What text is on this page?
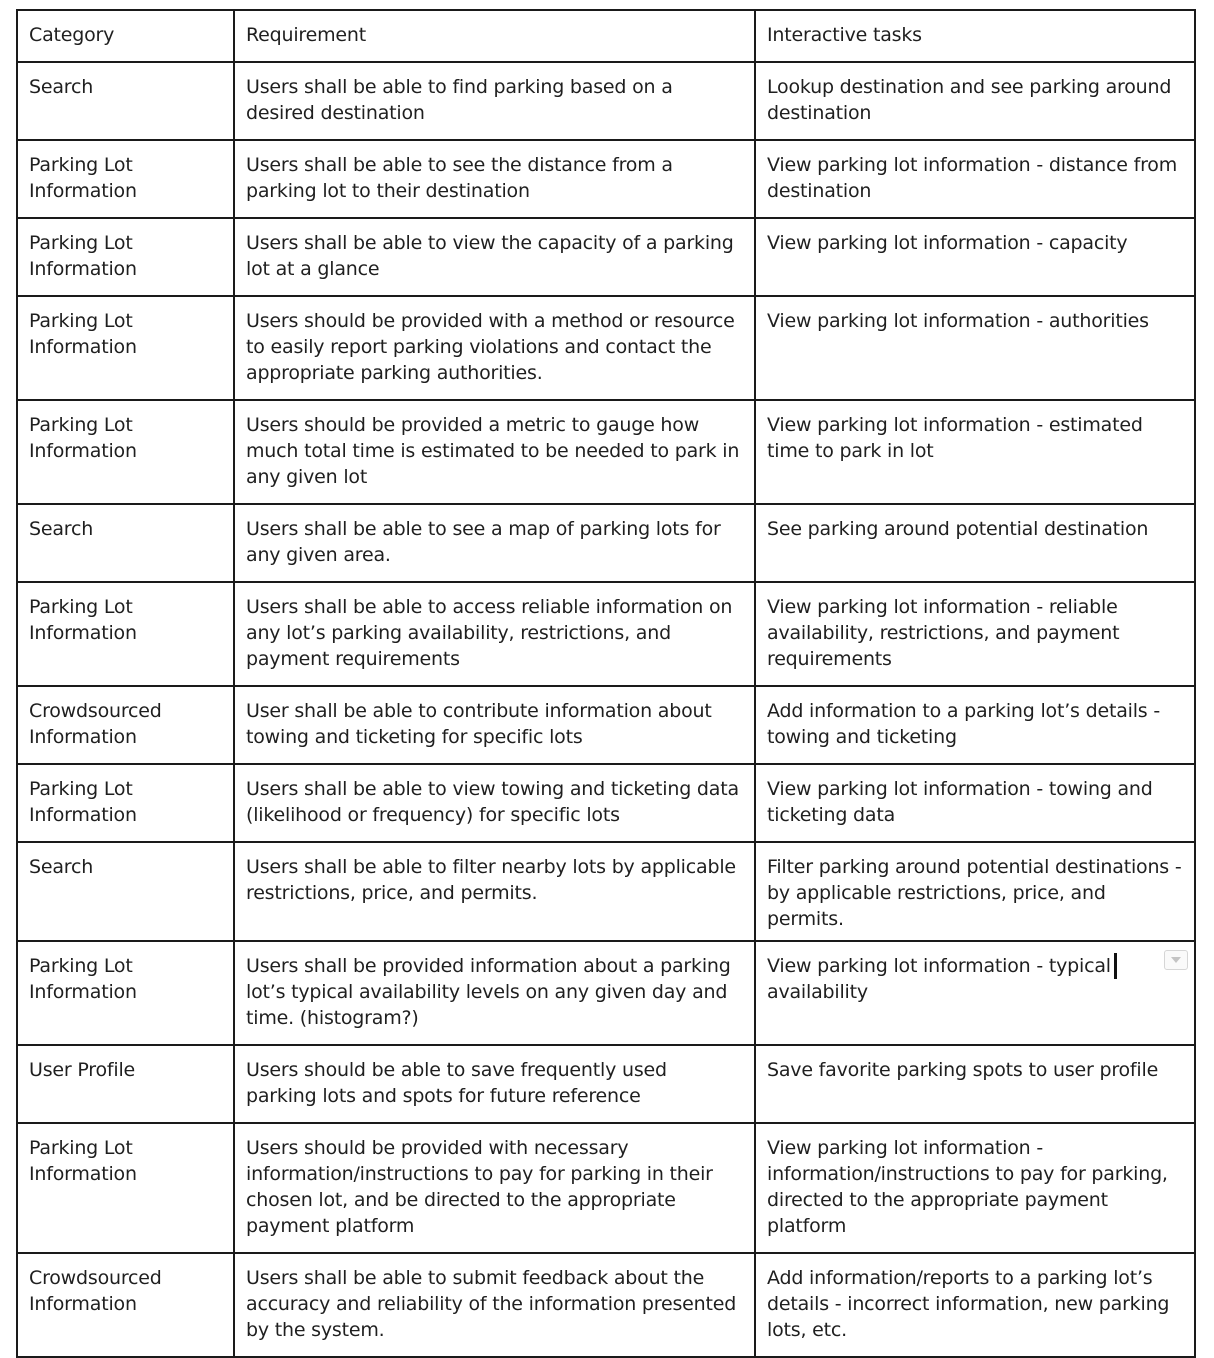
Category	Requirement	Interactive tasks
Search	Users shall be able to find parking based on a desired destination	Lookup destination and see parking around destination
Parking Lot Information	Users shall be able to see the distance from a parking lot to their destination	View parking lot information - distance from destination
Parking Lot Information	Users shall be able to view the capacity of a parking lot at a glance	View parking lot information - capacity
Parking Lot Information	Users should be provided with a method or resource to easily report parking violations and contact the appropriate parking authorities.	View parking lot information - authorities
Parking Lot Information	Users should be provided a metric to gauge how much total time is estimated to be needed to park in any given lot	View parking lot information - estimated time to park in lot
Search	Users shall be able to see a map of parking lots for any given area.	See parking around potential destination
Parking Lot Information	Users shall be able to access reliable information on any lot’s parking availability, restrictions, and payment requirements	View parking lot information - reliable availability, restrictions, and payment requirements
Crowdsourced Information	User shall be able to contribute information about towing and ticketing for specific lots	Add information to a parking lot’s details - towing and ticketing
Parking Lot Information	Users shall be able to view towing and ticketing data (likelihood or frequency) for specific lots	View parking lot information - towing and ticketing data
Search	Users shall be able to filter nearby lots by applicable restrictions, price, and permits.	Filter parking around potential destinations - by applicable restrictions, price, and permits.
Parking Lot Information	Users shall be provided information about a parking lot’s typical availability levels on any given day and time. (histogram?)	View parking lot information - typical availability

User Profile	Users should be able to save frequently used parking lots and spots for future reference	Save favorite parking spots to user profile
Parking Lot Information	Users should be provided with necessary information/instructions to pay for parking in their chosen lot, and be directed to the appropriate payment platform	View parking lot information - information/instructions to pay for parking, directed to the appropriate payment platform
Crowdsourced Information	Users shall be able to submit feedback about the accuracy and reliability of the information presented by the system.	Add information/reports to a parking lot’s details - incorrect information, new parking lots, etc.
